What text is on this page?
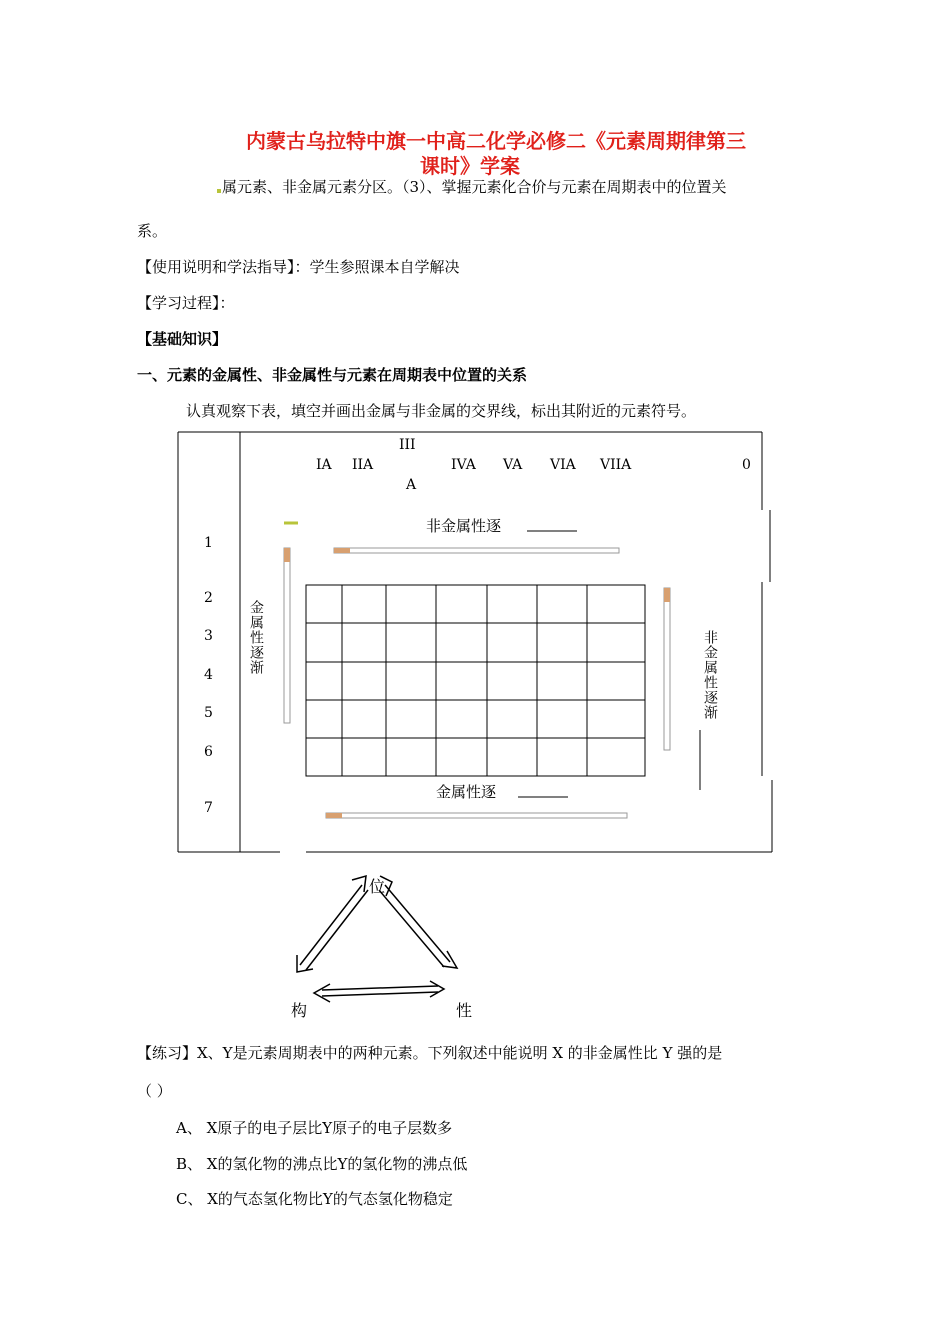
内蒙古乌拉特中旗一中高二化学必修二《元素周期律第三
课时》学案
属元素、非金属元素分区。（3）、掌握元素化合价与元素在周期表中的位置关
系。
【使用说明和学法指导】：学生参照课本自学解决
【学习过程】：
【基础知识】
一、元素的金属性、非金属性与元素在周期表中位置的关系
认真观察下表，填空并画出金属与非金属的交界线，标出其附近的元素符号。
III
IA IIA	IVA VA VIA VIIA	0
A
1
2
3
4
5
6
7
非金属性逐
金属性逐渐	非金属性逐渐
金属性逐
位
构	性
【练习】X、Y是元素周期表中的两种元素。下列叙述中能说明 X 的非金属性比 Y 强的是
（ ）
A、 X原子的电子层比Y原子的电子层数多
B、 X的氢化物的沸点比Y的氢化物的沸点低
C、 X的气态氢化物比Y的气态氢化物稳定
